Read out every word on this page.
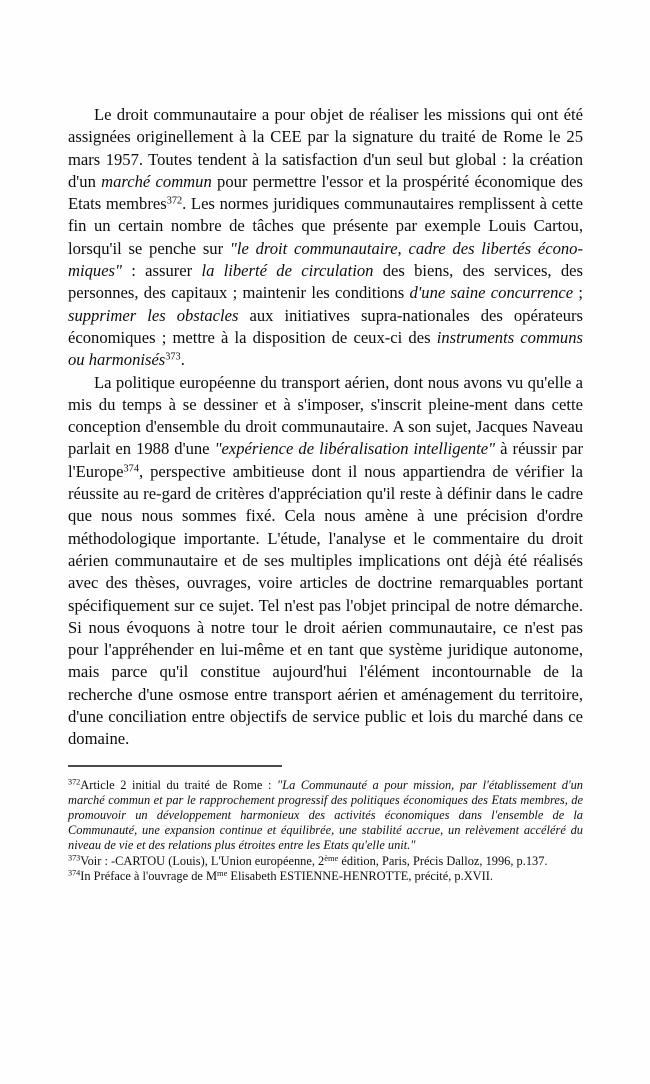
Le droit communautaire a pour objet de réaliser les missions qui ont été assignées originellement à la CEE par la signature du traité de Rome le 25 mars 1957. Toutes tendent à la satisfaction d'un seul but global : la création d'un marché commun pour permettre l'essor et la prospérité économique des Etats membres$^{372}$. Les normes juridiques communautaires remplissent à cette fin un certain nombre de tâches que présente par exemple Louis Cartou, lorsqu'il se penche sur "le droit communautaire, cadre des libertés écono-miques" : assurer la liberté de circulation des biens, des services, des personnes, des capitaux ; maintenir les conditions d'une saine concurrence ; supprimer les obstacles aux initiatives supra-nationales des opérateurs économiques ; mettre à la disposition de ceux-ci des instruments communs ou harmonisés$^{373}$.

La politique européenne du transport aérien, dont nous avons vu qu'elle a mis du temps à se dessiner et à s'imposer, s'inscrit pleine-ment dans cette conception d'ensemble du droit communautaire. A son sujet, Jacques Naveau parlait en 1988 d'une "expérience de libéralisation intelligente" à réussir par l'Europe$^{374}$, perspective ambitieuse dont il nous appartiendra de vérifier la réussite au re-gard de critères d'appréciation qu'il reste à définir dans le cadre que nous nous sommes fixé. Cela nous amène à une précision d'ordre méthodologique importante. L'étude, l'analyse et le commentaire du droit aérien communautaire et de ses multiples implications ont déjà été réalisés avec des thèses, ouvrages, voire articles de doctrine remarquables portant spécifiquement sur ce sujet. Tel n'est pas l'objet principal de notre démarche. Si nous évoquons à notre tour le droit aérien communautaire, ce n'est pas pour l'appréhender en lui-même et en tant que système juridique autonome, mais parce qu'il constitue aujourd'hui l'élément incontournable de la recherche d'une osmose entre transport aérien et aménagement du territoire, d'une conciliation entre objectifs de service public et lois du marché dans ce domaine.

$^{372}$Article 2 initial du traité de Rome : "La Communauté a pour mission, par l'établissement d'un marché commun et par le rapprochement progressif des politiques économiques des Etats membres, de promouvoir un développement harmonieux des activités économiques dans l'ensemble de la Communauté, une expansion continue et équilibrée, une stabilité accrue, un relèvement accéléré du niveau de vie et des relations plus étroites entre les Etats qu'elle unit."

$^{373}$Voir : -CARTOU (Louis), L'Union européenne, 2ème édition, Paris, Précis Dalloz, 1996, p.137.

$^{374}$In Préface à l'ouvrage de $M^{me}$ Elisabeth ESTIENNE-HENROTTE, précité, p.XVII.
